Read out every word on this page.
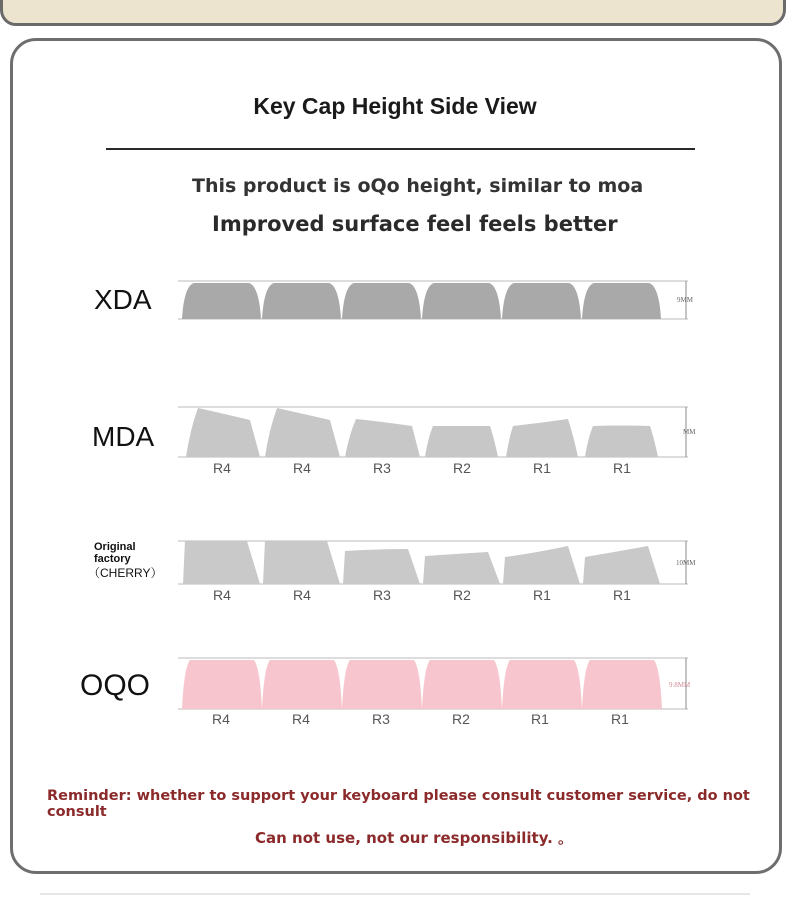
Key Cap Height Side View
This product is oQo height, similar to moa
Improved surface feel feels better
XDA
MDA
Original
factory
（CHERRY）
OQO
9MM
MM
R4	R4	R3	R2	R1	R1
10MM
R4	R4	R3	R2	R1	R1
9.8MM
R4	R4	R3	R2	R1	R1
Reminder: whether to support your keyboard please consult customer service, do not consult
Can not use, not our responsibility. 。
